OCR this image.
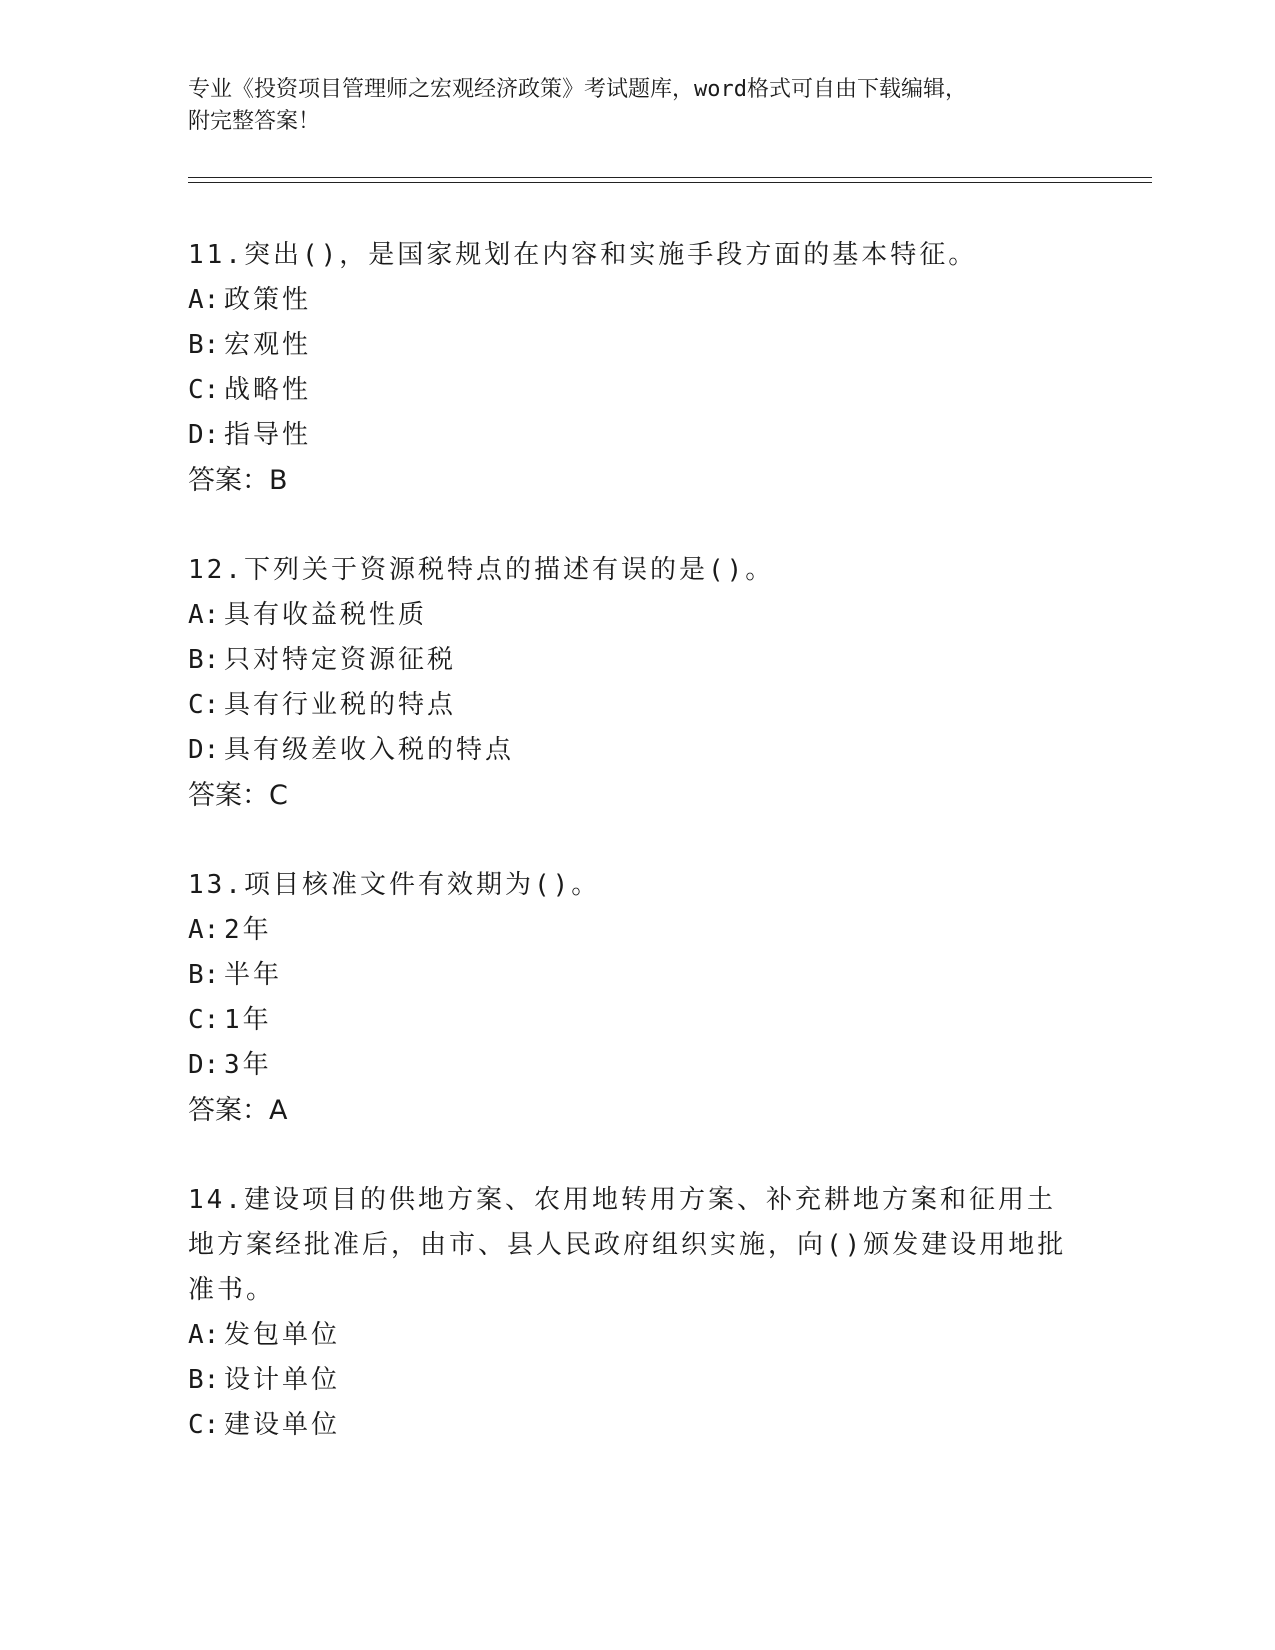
专业《投资项目管理师之宏观经济政策》考试题库，word格式可自由下载编辑，
附完整答案！

11.突出()，是国家规划在内容和实施手段方面的基本特征。

A: 政策性
B: 宏观性
C: 战略性
D: 指导性
答案：B

12.下列关于资源税特点的描述有误的是()。

A: 具有收益税性质
B: 只对特定资源征税
C: 具有行业税的特点
D: 具有级差收入税的特点
答案：C

13.项目核准文件有效期为()。

A: 2年
B: 半年
C: 1年
D: 3年
答案：A

14.建设项目的供地方案、农用地转用方案、补充耕地方案和征用土地方案经批准后，由市、县人民政府组织实施，向()颁发建设用地批准书。

A: 发包单位
B: 设计单位
C: 建设单位
